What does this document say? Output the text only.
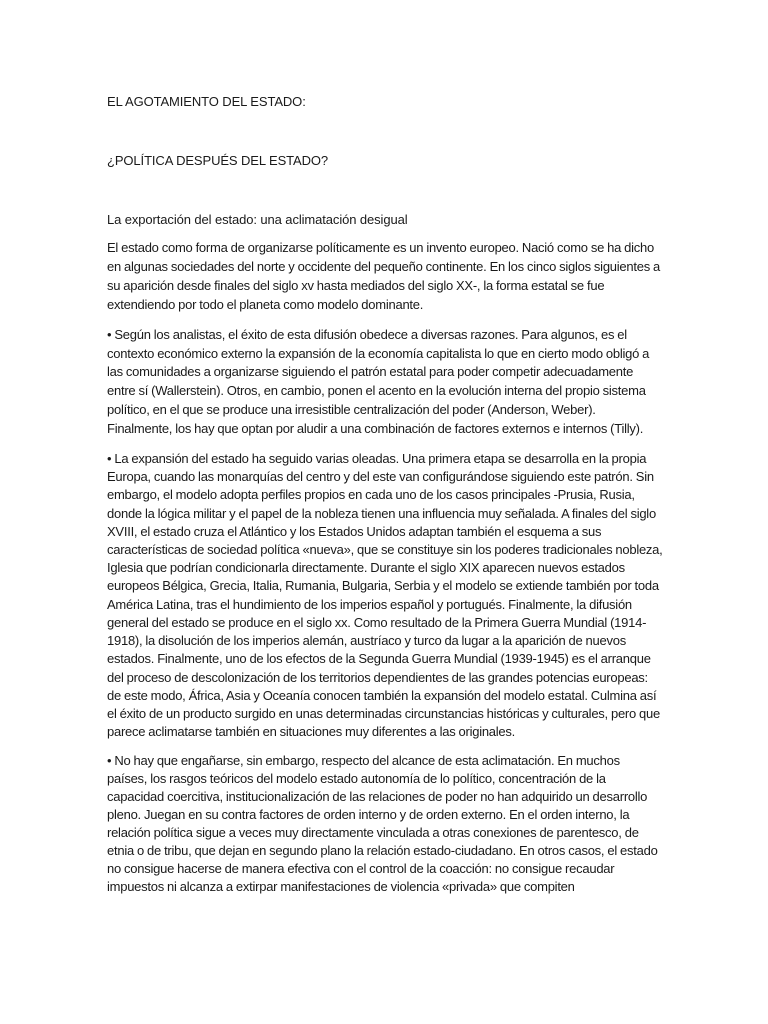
EL AGOTAMIENTO DEL ESTADO:

¿POLÍTICA DESPUÉS DEL ESTADO?

La exportación del estado: una aclimatación desigual

El estado como forma de organizarse políticamente es un invento europeo. Nació como se ha dicho en algunas sociedades del norte y occidente del pequeño continente. En los cinco siglos siguientes a su aparición desde finales del siglo xv hasta mediados del siglo XX-, la forma estatal se fue extendiendo por todo el planeta como modelo dominante.

• Según los analistas, el éxito de esta difusión obedece a diversas razones. Para algunos, es el contexto económico externo la expansión de la economía capitalista lo que en cierto modo obligó a las comunidades a organizarse siguiendo el patrón estatal para poder competir adecuadamente entre sí (Wallerstein). Otros, en cambio, ponen el acento en la evolución interna del propio sistema político, en el que se produce una irresistible centralización del poder (Anderson, Weber). Finalmente, los hay que optan por aludir a una combinación de factores externos e internos (Tilly).

• La expansión del estado ha seguido varias oleadas. Una primera etapa se desarrolla en la propia Europa, cuando las monarquías del centro y del este van configurándose siguiendo este patrón. Sin embargo, el modelo adopta perfiles propios en cada uno de los casos principales -Prusia, Rusia, donde la lógica militar y el papel de la nobleza tienen una influencia muy señalada. A finales del siglo XVIII, el estado cruza el Atlántico y los Estados Unidos adaptan también el esquema a sus características de sociedad política «nueva», que se constituye sin los poderes tradicionales nobleza, Iglesia que podrían condicionarla directamente. Durante el siglo XIX aparecen nuevos estados europeos Bélgica, Grecia, Italia, Rumania, Bulgaria, Serbia y el modelo se extiende también por toda América Latina, tras el hundimiento de los imperios español y portugués. Finalmente, la difusión general del estado se produce en el siglo xx. Como resultado de la Primera Guerra Mundial (1914-1918), la disolución de los imperios alemán, austríaco y turco da lugar a la aparición de nuevos estados. Finalmente, uno de los efectos de la Segunda Guerra Mundial (1939-1945) es el arranque del proceso de descolonización de los territorios dependientes de las grandes potencias europeas: de este modo, África, Asia y Oceanía conocen también la expansión del modelo estatal. Culmina así el éxito de un producto surgido en unas determinadas circunstancias históricas y culturales, pero que parece aclimatarse también en situaciones muy diferentes a las originales.

• No hay que engañarse, sin embargo, respecto del alcance de esta aclimatación. En muchos países, los rasgos teóricos del modelo estado autonomía de lo político, concentración de la capacidad coercitiva, institucionalización de las relaciones de poder no han adquirido un desarrollo pleno. Juegan en su contra factores de orden interno y de orden externo. En el orden interno, la relación política sigue a veces muy directamente vinculada a otras conexiones de parentesco, de etnia o de tribu, que dejan en segundo plano la relación estado-ciudadano. En otros casos, el estado no consigue hacerse de manera efectiva con el control de la coacción: no consigue recaudar impuestos ni alcanza a extirpar manifestaciones de violencia «privada» que compiten
